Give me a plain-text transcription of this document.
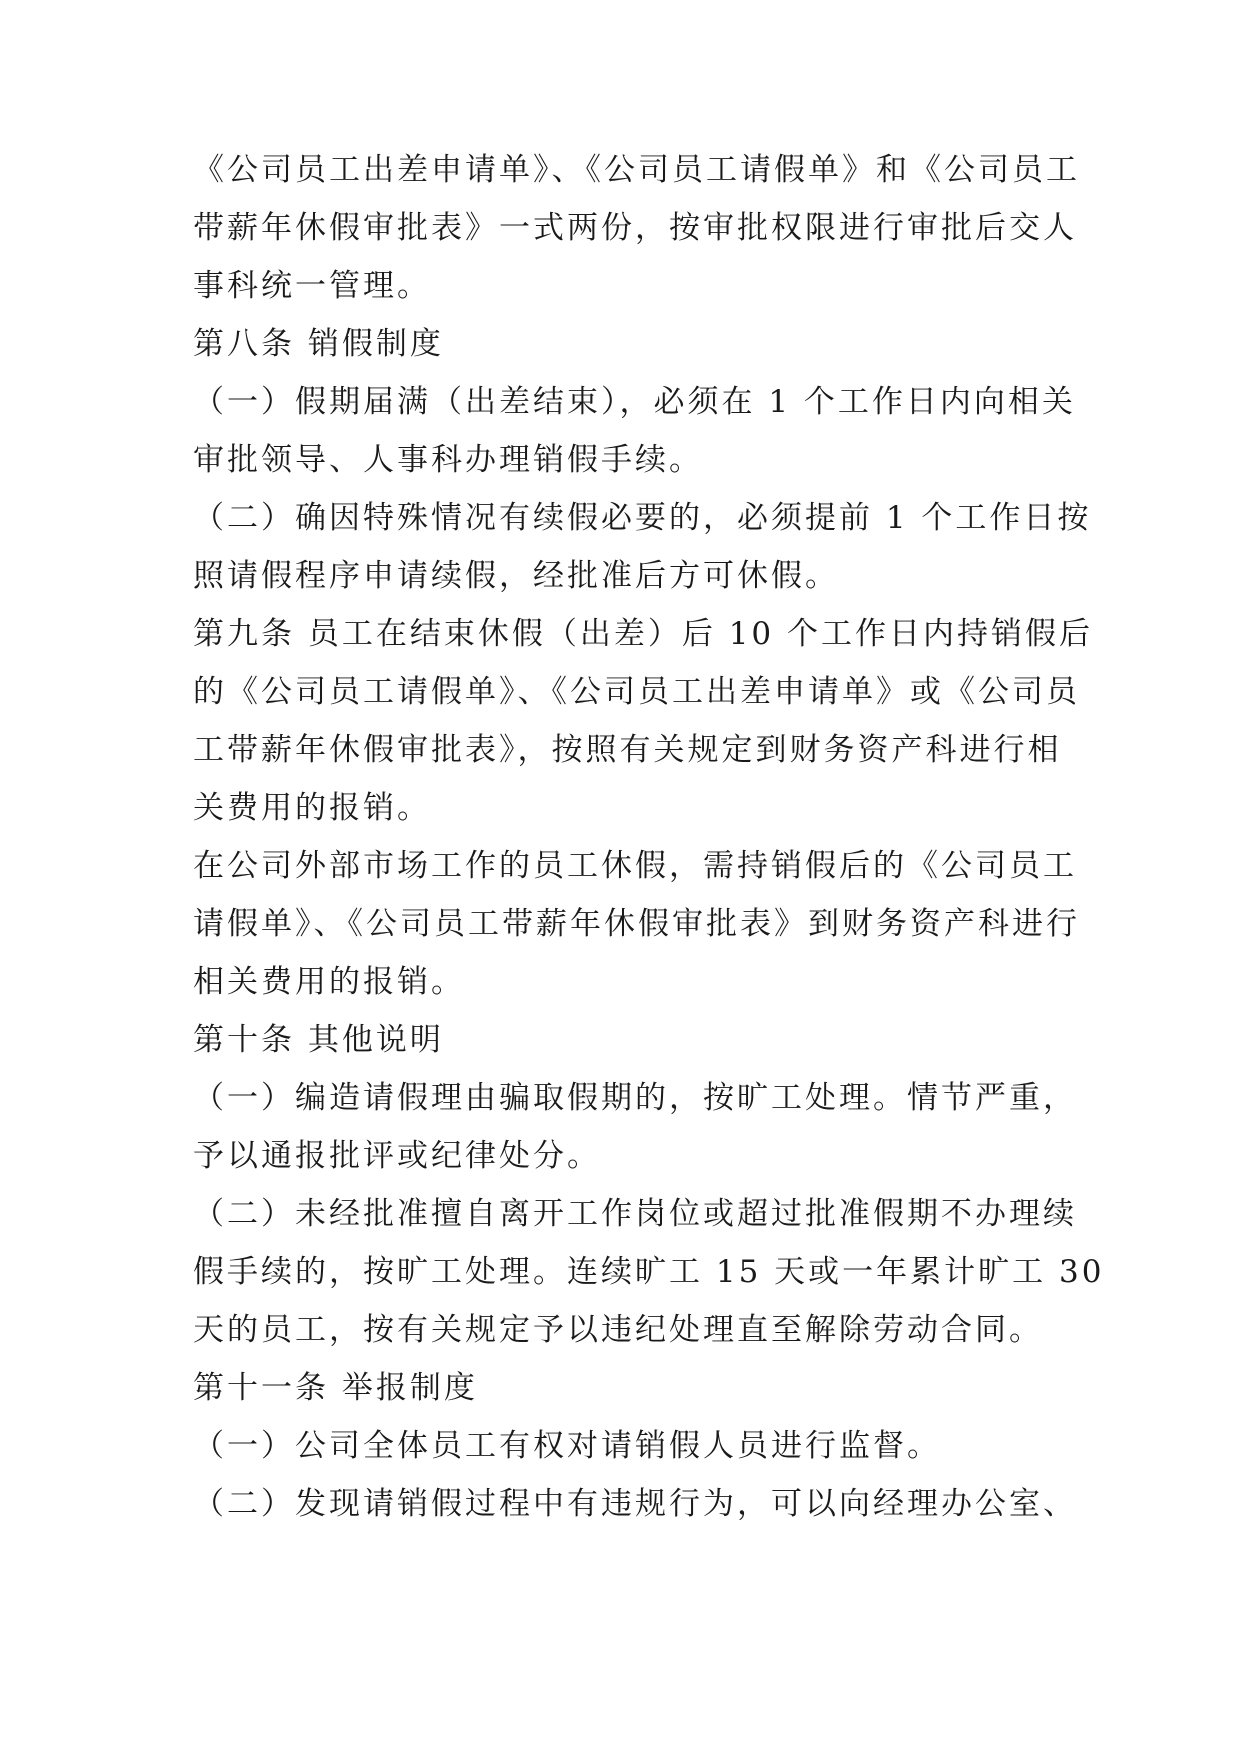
《公司员工出差申请单》、《公司员工请假单》和《公司员工
带薪年休假审批表》一式两份，按审批权限进行审批后交人
事科统一管理。
第八条 销假制度
（一）假期届满（出差结束），必须在 1 个工作日内向相关
审批领导、人事科办理销假手续。
（二）确因特殊情况有续假必要的，必须提前 1 个工作日按
照请假程序申请续假，经批准后方可休假。
第九条 员工在结束休假（出差）后 10 个工作日内持销假后
的《公司员工请假单》、《公司员工出差申请单》或《公司员
工带薪年休假审批表》，按照有关规定到财务资产科进行相
关费用的报销。
在公司外部市场工作的员工休假，需持销假后的《公司员工
请假单》、《公司员工带薪年休假审批表》到财务资产科进行
相关费用的报销。
第十条 其他说明
（一）编造请假理由骗取假期的，按旷工处理。情节严重，
予以通报批评或纪律处分。
（二）未经批准擅自离开工作岗位或超过批准假期不办理续
假手续的，按旷工处理。连续旷工 15 天或一年累计旷工 30
天的员工，按有关规定予以违纪处理直至解除劳动合同。
第十一条 举报制度
（一）公司全体员工有权对请销假人员进行监督。
（二）发现请销假过程中有违规行为，可以向经理办公室、
